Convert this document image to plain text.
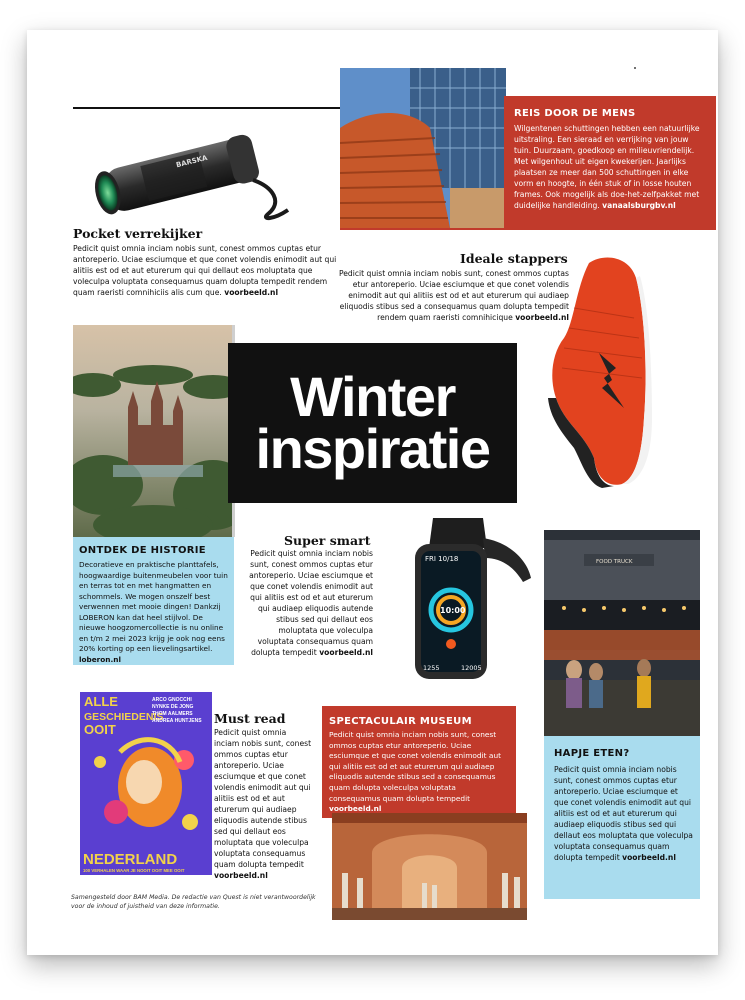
BARSKA
Pocket verrekijker
Pedicit quist omnia inciam nobis sunt, conest ommos cuptas etur antoreperio. Uciae esciumque et que conet volendis enimodit aut qui alitiis est od et aut eturerum qui qui dellaut eos moluptata que voleculpa voluptata consequamus quam dolupta tempedit rendem quam raeristi comnihiciis alis cum que. voorbeeld.nl
REIS DOOR DE MENS
Wilgentenen schuttingen hebben een natuurlijke uitstraling. Een sieraad en verrijking van jouw tuin. Duurzaam, goedkoop en milieuvriendelijk. Met wilgenhout uit eigen kwekerijen. Jaarlijks plaatsen ze meer dan 500 schuttingen in elke vorm en hoogte, in één stuk of in losse houten frames. Ook mogelijk als doe-het-zelfpakket met duidelijke handleiding. vanaalsburgbv.nl
Ideale stappers
Pedicit quist omnia inciam nobis sunt, conest ommos cuptas etur antoreperio. Uciae esciumque et que conet volendis enimodit aut qui alitiis est od et aut eturerum qui audiaep eliquodis stibus sed a consequamus quam dolupta tempedit rendem quam raeristi comnihicique voorbeeld.nl
Winter
inspiratie
ONTDEK DE HISTORIE
Decoratieve en praktische planttafels, hoogwaardige buitenmeubelen voor tuin en terras tot en met hangmatten en schommels. We mogen onszelf best verwennen met mooie dingen! Dankzij LOBERON kan dat heel stijlvol. De nieuwe hoogzomercollectie is nu online en t/m 2 mei 2023 krijg je ook nog eens 20% korting op een lievelingsartikel. loberon.nl
Super smart
Pedicit quist omnia inciam nobis sunt, conest ommos cuptas etur antoreperio. Uciae esciumque et que conet volendis enimodit aut qui alitiis est od et aut eturerum qui audiaep eliquodis autende stibus sed qui dellaut eos moluptata que voleculpa voluptata consequamus quam dolupta tempedit voorbeeld.nl
FRI 10/18
10:00
1255	12005
FOOD TRUCK
ALLE
GESCHIEDENIS
OOIT
ARCO GNOCCHI
NYNKE DE JONG
THOM AALMERS
ANDREA HUNTJENS
NEDERLAND
100 VERHALEN WAAR JE NOOIT OOIT MEE OOIT
Must read
Pedicit quist omnia inciam nobis sunt, conest ommos cuptas etur antoreperio. Uciae esciumque et que conet volendis enimodit aut qui alitiis est od et aut eturerum qui audiaep eliquodis autende stibus sed qui dellaut eos moluptata que voleculpa voluptata consequamus quam dolupta tempedit voorbeeld.nl
SPECTACULAIR MUSEUM
Pedicit quist omnia inciam nobis sunt, conest ommos cuptas etur antoreperio. Uciae esciumque et que conet volendis enimodit aut qui alitiis est od et aut eturerum qui audiaep eliquodis autende stibus sed a consequamus quam dolupta voleculpa voluptata consequamus quam dolupta tempedit voorbeeld.nl
HAPJE ETEN?
Pedicit quist omnia inciam nobis sunt, conest ommos cuptas etur antoreperio. Uciae esciumque et que conet volendis enimodit aut qui alitiis est od et aut eturerum qui audiaep eliquodis stibus sed qui dellaut eos moluptata que voleculpa voluptata consequamus quam dolupta tempedit voorbeeld.nl
Samengesteld door BAM Media. De redactie van Quest is niet verantwoordelijk voor de inhoud of juistheid van deze informatie.
